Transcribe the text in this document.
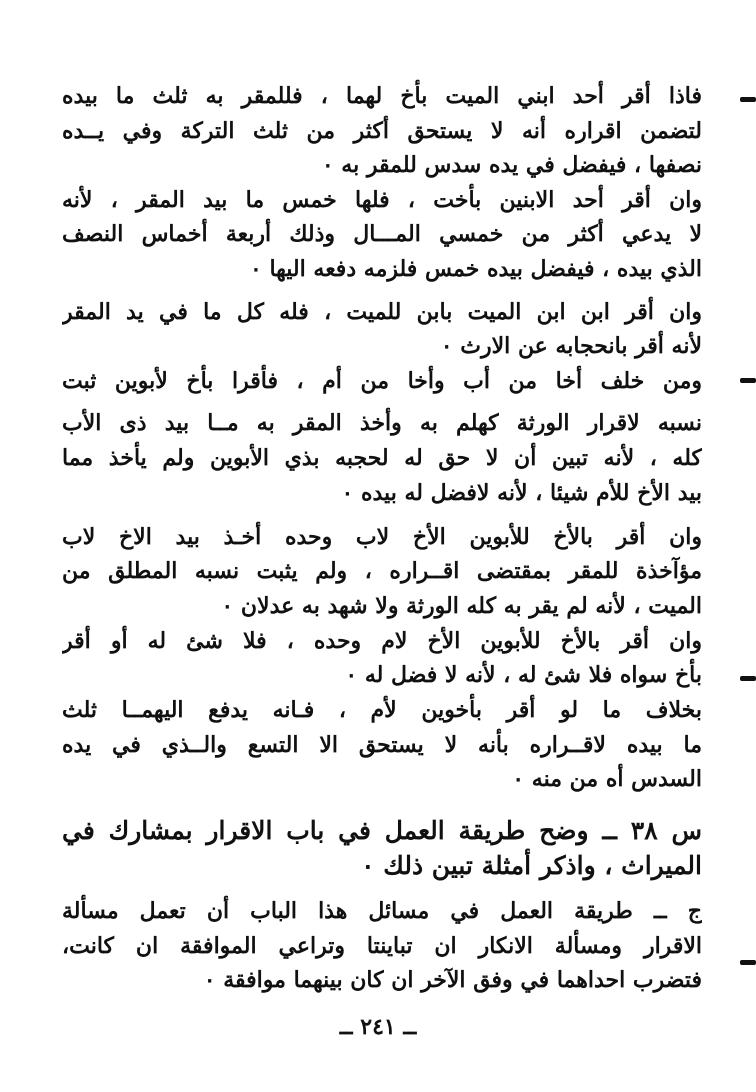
فاذا أقر أحد ابني الميت بأخ لهما ، فللمقر به ثلث ما بيده
لتضمن اقراره أنه لا يستحق أكثر من ثلث التركة وفي يــده
نصفها ، فيفضل في يده سدس للمقر به ٠
وان أقر أحد الابنين بأخت ، فلها خمس ما بيد المقر ، لأنه
لا يدعي أكثر من خمسي المـــال وذلك أربعة أخماس النصف
الذي بيده ، فيفضل بيده خمس فلزمه دفعه اليها ٠
وان أقر ابن ابن الميت بابن للميت ، فله كل ما في يد المقر
لأنه أقر بانحجابه عن الارث ٠
ومن خلف أخا من أب وأخا من أم ، فأقرا بأخ لأبوين ثبت
نسبه لاقرار الورثة كهلم به وأخذ المقر به مــا بيد ذى الأب
كله ، لأنه تبين أن لا حق له لحجبه بذي الأبوين ولم يأخذ مما
بيد الأخ للأم شيئا ، لأنه لافضل له بيده ٠
وان أقر بالأخ للأبوين الأخ لاب وحده أخـذ بيد الاخ لاب
مؤآخذة للمقر بمقتضى اقــراره ، ولم يثبت نسبه المطلق من
الميت ، لأنه لم يقر به كله الورثة ولا شهد به عدلان ٠
وان أقر بالأخ للأبوين الأخ لام وحده ، فلا شئ له أو أقر
بأخ سواه فلا شئ له ، لأنه لا فضل له ٠
بخلاف ما لو أقر بأخوين لأم ، فـانه يدفع اليهمــا ثلث
ما بيده لاقــراره بأنه لا يستحق الا التسع والــذي في يده
السدس أه من منه ٠
س ٣٨ ــ وضح طريقة العمل في باب الاقرار بمشارك في
الميراث ، واذكر أمثلة تبين ذلك ٠
ج ــ طريقة العمل في مسائل هذا الباب أن تعمل مسألة
الاقرار ومسألة الانكار ان تباينتا وتراعي الموافقة ان كانت،
فتضرب احداهما في وفق الآخر ان كان بينهما موافقة ٠
ــ ٢٤١ ــ
